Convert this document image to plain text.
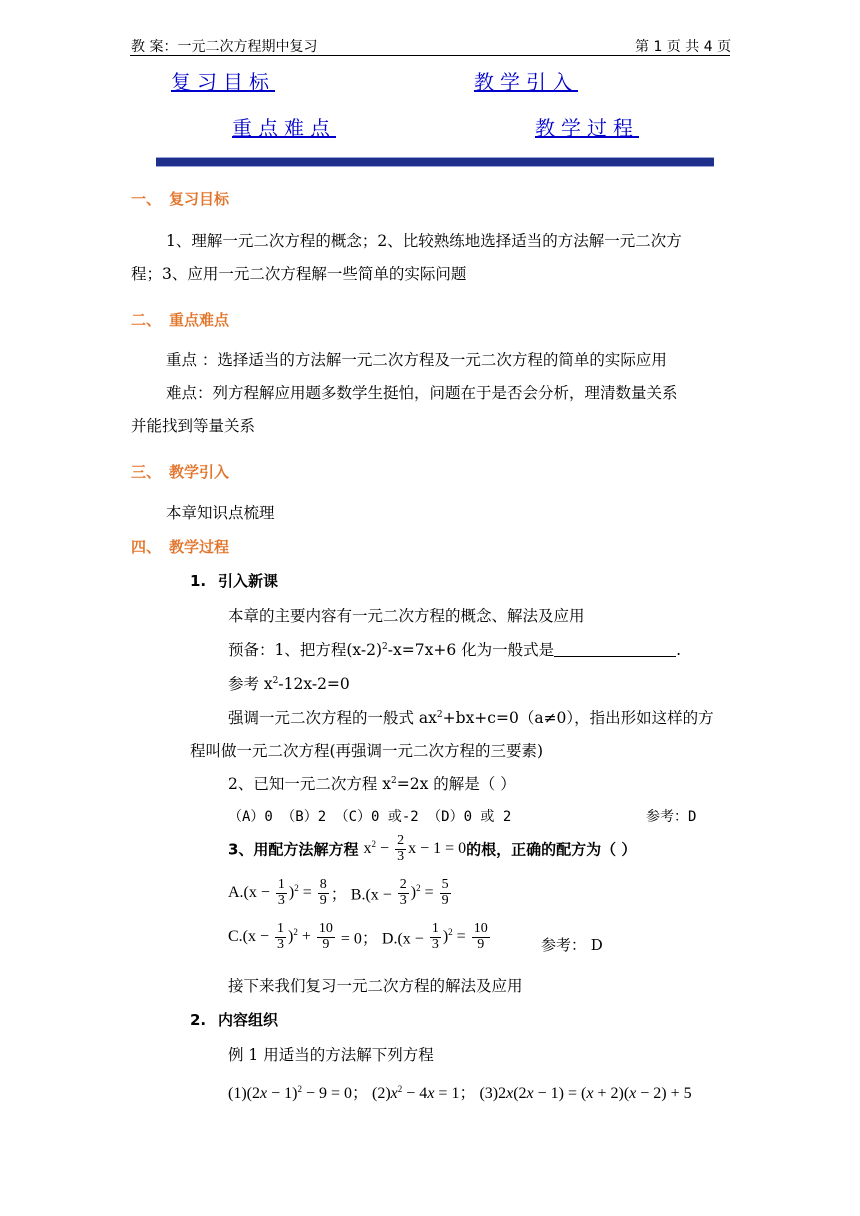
教 案：一元二次方程期中复习	第 1 页 共 4 页
复习目标	教学引入
重点难点	教学过程
一、 复习目标
1、理解一元二次方程的概念；2、比较熟练地选择适当的方法解一元二次方
程；3、应用一元二次方程解一些简单的实际问题
二、 重点难点
重点 ：选择适当的方法解一元二次方程及一元二次方程的简单的实际应用
难点：列方程解应用题多数学生挺怕，问题在于是否会分析，理清数量关系
并能找到等量关系
三、 教学引入
本章知识点梳理
四、 教学过程
1. 引入新课
本章的主要内容有一元二次方程的概念、解法及应用
预备：1、把方程$(x-2)^2-x=7x+6$ 化为一般式是	.
参考 $x^2-12x-2=0$
强调一元二次方程的一般式 $ax^2+bx+c=0(a\ne 0)$，指出形如这样的方
程叫做一元二次方程(再强调一元二次方程的三要素)
2、已知一元二次方程 $x^2=2x$ 的解是（ ）
（A）0 （B）2 （C）0 或-2 （D）0 或 2	参考：D
3、用配方法解方程 $x^2 - \frac{2}{3}$ x − 1 = 0的根，正确的配方为（ ）
$A.(x - \frac{1}{3} )^2 = \frac{8}{9}$ ； $B.(x - \frac{2}{3} )^2 = \frac{5}{9}$
$C.(x - \frac{1}{3} )^2 + \frac{10}{9} = 0$； $D.(x - \frac{1}{3} )^2 = \frac{10}{9}$	参考： D
接下来我们复习一元二次方程的解法及应用
2. 内容组织
例 1 用适当的方法解下列方程
$(1)(2x - 1)^2 - 9 = 0$； $(2)x^2 - 4x = 1$； (3)2x(2x − 1) = (x + 2)(x − 2) + 5
